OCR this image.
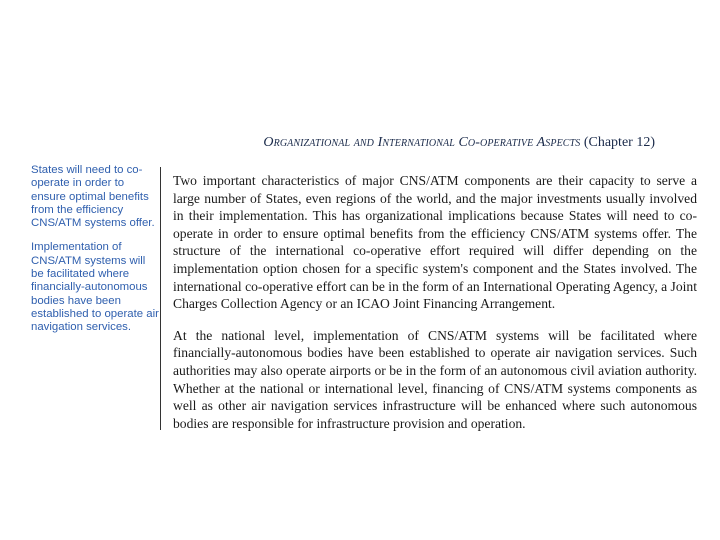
Organizational and International Co-operative Aspects (Chapter 12)

States will need to co-operate in order to ensure optimal benefits from the efficiency CNS/ATM systems offer.

Implementation of CNS/ATM systems will be facilitated where financially-autonomous bodies have been established to operate air navigation services.

Two important characteristics of major CNS/ATM components are their capacity to serve a large number of States, even regions of the world, and the major investments usually involved in their implementation. This has organizational implications because States will need to co-operate in order to ensure optimal benefits from the efficiency CNS/ATM systems offer. The structure of the international co-operative effort required will differ depending on the implementation option chosen for a specific system's component and the States involved. The international co-operative effort can be in the form of an International Operating Agency, a Joint Charges Collection Agency or an ICAO Joint Financing Arrangement.

At the national level, implementation of CNS/ATM systems will be facilitated where financially-autonomous bodies have been established to operate air navigation services. Such authorities may also operate airports or be in the form of an autonomous civil aviation authority. Whether at the national or international level, financing of CNS/ATM systems components as well as other air navigation services infrastructure will be enhanced where such autonomous bodies are responsible for infrastructure provision and operation.
